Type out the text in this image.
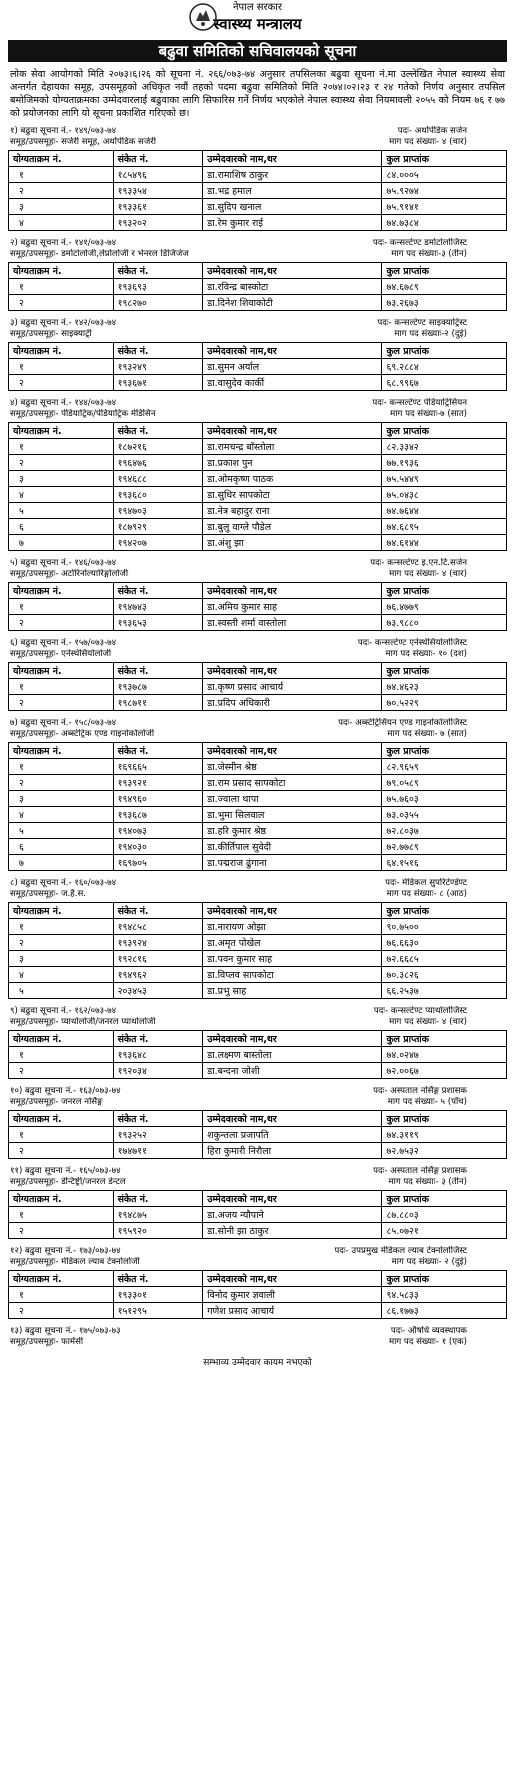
नेपाल सरकार
स्वास्थ्य मन्त्रालय
बढुवा समितिको सचिवालयको सूचना
लोक सेवा आयोगको मिति २०७३।६।२६ को सूचना नं. २६६/०७३-७४ अनुसार तपसिलका बढुवा सूचना नं.मा उल्लेखित नेपाल स्वास्थ्य सेवा अन्तर्गत देहायका समूह, उपसमूहको अधिकृत नवौं तहको पदमा बढुवा समितिको मिति २०७४।०२।२३ र २४ गतेको निर्णय अनुसार तपसिल बमोजिमको योग्यताक्रमका उम्मेदवारलाई बढुवाका लागि सिफारिस गर्ने निर्णय भएकोले नेपाल स्वास्थ्य सेवा नियमावली २०५५ को नियम ७६ र ७७ को प्रयोजनका लागि यो सूचना प्रकाशित गरिएको छ।
१) बढुवा सूचना नं.- १४९/०७३-७४	पदः- अर्थोपेडिक सर्जन
समूह/उपसमूहः- सर्जरी समूह, अर्थोपेडिक सर्जरी	माग पद संख्याः- ४ (चार)
योग्यताक्रम नं.	संकेत नं.	उम्मेदवारको नाम,थर	कुल प्राप्तांक
१	१८५४९६	डा.रामाशिष ठाकुर	८४.०००५
२	१९३३५४	डा.भद्र हमाल	७५.९२७४
३	१९३३६१	डा.सुदिप खनाल	७५.९१४१
४	१९३२०२	डा.रेम कुमार राई	७४.७३८४
२) बढुवा सूचना नं.- १४१/०७३-७४	पदः- कन्सल्टेण्ट डर्माटोलोजिस्ट
समूह/उपसमूहः- डर्माटोलोजी,लेप्रोलोजी र भेनरल डिजिजेज	माग पद संख्याः-३ (तीन)
योग्यताक्रम नं.	संकेत नं.	उम्मेदवारको नाम,थर	कुल प्राप्तांक
१	१९३६९३	डा.रविन्द्र बास्कोटा	७४.६७८९
२	१९८२७०	डा.दिनेश शिवाकोटी	७३.२६७३
३) बढुवा सूचना नं.- १४२/०७३-७४	पदः- कन्सल्टेण्ट साइक्याट्रिस्ट
समूह/उपसमूहः- साइक्याट्री	माग पद संख्याः-२ (दुई)
योग्यताक्रम नं.	संकेत नं.	उम्मेदवारको नाम,थर	कुल प्राप्तांक
१	१९३२४९	डा.सुमन अर्याल	६९.२८८४
२	१९३६७१	डा.वासुदेव कार्की	६८.९९६७
४) बढुवा सूचना नं.- १४४/०७३-७४	पदः- कन्सल्टेण्ट पेडियाट्रिसियन
समूह/उपसमूहः- पेडियाट्रिक/पेडियाट्रिक मेडिसिन	माग पद संख्याः-७ (सात)
योग्यताक्रम नं.	संकेत नं.	उम्मेदवारको नाम,थर	कुल प्राप्तांक
१	१८७२१६	डा.रामचन्द्र बाँस्तोला	८२.३३४२
२	१९६४७६	डा.प्रकाश पुन	७७.१९३६
३	१९४६८८	डा.ओमकृष्ण पाठक	७५.५४४९
४	१९३६८०	डा.सुधिर सापकोटा	७५.०४३८
५	१९४७०३	डा.नेत्र बहादुर राना	७४.७६४४
६	१८७९२९	डा.बुलु वाग्ले पौडेल	७४.६८९५
७	१९४२०७	डा.अंशु झा	७४.६१४४
५) बढुवा सूचना नं.- १४६/०७३-७४	पदः- कन्सल्टेण्ट इ.एन.टि.सर्जन
समूह/उपसमूहः- अटोरिनोल्यारिङ्गोलोजी	माग पद संख्याः- ४ (चार)
योग्यताक्रम नं.	संकेत नं.	उम्मेदवारको नाम,थर	कुल प्राप्तांक
१	१९४७४३	डा.अमिय कुमार साह	७६.४७७९
२	१९३६५३	डा.स्वस्ती शर्मा वास्तोला	७३.९८८०
६) बढुवा सूचना नं.- १५७/०७३-७४	पदः- कन्सल्टेण्ट एनेस्थेसियोलोजिस्ट
समूह/उपसमूहः- एनेस्थेसियोलोजी	माग पद संख्याः- १० (दश)
योग्यताक्रम नं.	संकेत नं.	उम्मेदवारको नाम,थर	कुल प्राप्तांक
१	१९३७८७	डा.कृष्ण प्रसाद आचार्य	७४.४६२३
२	१९८७११	डा.प्रदिप अधिकारी	७०.५२२९
७) बढुवा सूचना नं.- १५८/०७३-७४	पदः- अब्स्टेट्रिसियन एण्ड गाइनोकोलोजिस्ट
समूह/उपसमूहः- अब्स्टेट्रिक एण्ड गाइनोकोलोजी	माग पद संख्याः- ७ (सात)
योग्यताक्रम नं.	संकेत नं.	उम्मेदवारको नाम,थर	कुल प्राप्तांक
१	१६९६६५	डा.जेस्मीन श्रेष्ठ	८२.९६५९
२	१९३९२१	डा.राम प्रसाद सापकोटा	७९.०५८९
३	१९४९६०	डा.ज्वाला थापा	७५.७६०३
४	१९३६८७	डा.भुमा सिलवाल	७३.०३५५
५	१९४०७३	डा.हरि कुमार श्रेष्ठ	७२.८०३७
६	१९४०३०	डा.कीर्तिपाल सुवेदी	७२.७७८९
७	१६९७०५	डा.पद्मराज ढुंगाना	६४.१५१६
८) बढुवा सूचना नं.- १६०/०७३-७४	पदः- मेडिकल सुपरिटेण्डेण्ट
समूह/उपसमूहः- ज.है.स.	माग पद संख्याः- ८ (आठ)
योग्यताक्रम नं.	संकेत नं.	उम्मेदवारको नाम,थर	कुल प्राप्तांक
१	१९४८५८	डा.नारायण ओझा	९०.७५००
२	१९३९२४	डा.अमृत पोखेल	७६.६६३०
३	१९२८१६	डा.पवन कुमार साह	७२.६६८५
४	१९४९६२	डा.विप्लव सापकोटा	७०.३८२६
५	२०३४५३	डा.प्रभु साह	६६.२५३७
९) बढुवा सूचना नं.- १६२/०७३-७४	पदः- कन्सल्टेण्ट प्याथोलोजिस्ट
समूह/उपसमूहः- प्याथोलोजी/जनरल प्याथोलोजी	माग पद संख्याः- ४ (चार)
योग्यताक्रम नं.	संकेत नं.	उम्मेदवारको नाम,थर	कुल प्राप्तांक
१	१९३६४८	डा.लक्ष्मण बास्तोला	७४.०२४७
२	१९२०३४	डा.बन्दना जोशी	७२.००६७
१०) बढुवा सूचना नं.- १६३/०७३-७४	पदः- अस्पताल नर्सिङ्ग प्रशासक
समूह/उपसमूहः- जनरल नर्सिङ्ग	माग पद संख्याः- ५ (पाँच)
योग्यताक्रम नं.	संकेत नं.	उम्मेदवारको नाम,थर	कुल प्राप्तांक
१	१९३२५२	शकुन्तला प्रजापति	७४.३११९
२	१७४७११	हिरा कुमारी निरौला	७२.७५३२
११) बढुवा सूचना नं.- १६५/०७३-७४	पदः- अस्पताल नर्सिङ्ग प्रशासक
समूह/उपसमूहः- डेन्टिष्ट्री/जनरल डेन्टल	माग पद संख्याः- ३ (तीन)
योग्यताक्रम नं.	संकेत नं.	उम्मेदवारको नाम,थर	कुल प्राप्तांक
१	१९४८७५	डा.अजय न्यौपाने	८७.८८०३
२	१९५९२०	डा.सोनी झा ठाकुर	८५.०७२१
१२) बढुवा सूचना नं.- १७३/०७३-७४	पदः- उपप्रमुख मेडिकल ल्याब टेक्नोलोजिस्ट
समूह/उपसमूहः- मेडिकल ल्याब टेक्नोलोजी	माग पद संख्याः- २ (दुई)
योग्यताक्रम नं.	संकेत नं.	उम्मेदवारको नाम,थर	कुल प्राप्तांक
१	१९३३०१	विनोद कुमार ज्ञवाली	९४.५८३३
२	१५१२९५	गणेश प्रसाद आचार्य	८६.१७७३
१३) बढुवा सूचना नं.- १७५/०७३-७३	पदः- औषधि व्यवस्थापक
समूह/उपसमूहः- फार्मेसी	माग पद संख्याः- १ (एक)
सम्भाव्य उम्मेदवार कायम नभएको
